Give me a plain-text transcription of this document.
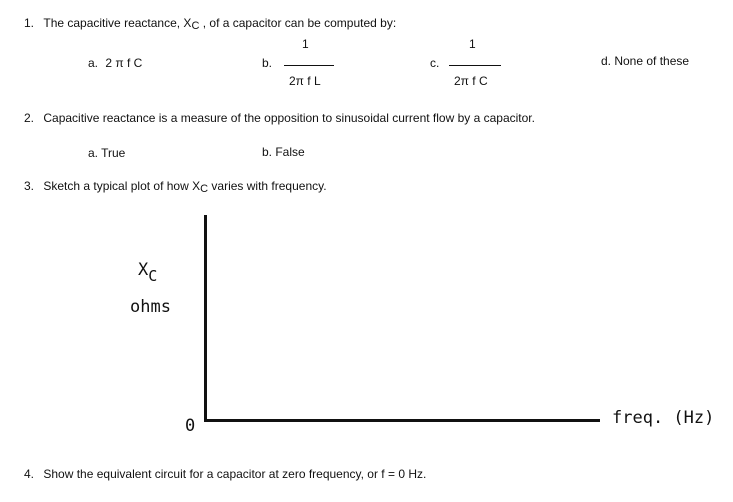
1. The capacitive reactance, XC , of a capacitor can be computed by:
a. 2 π f C	b.
1
2π f L
c.
1
2π f C
d. None of these
2. Capacitive reactance is a measure of the opposition to sinusoidal current flow by a capacitor.
a. True	b. False
3. Sketch a typical plot of how XC varies with frequency.
XC
ohms
0	freq. (Hz)
4. Show the equivalent circuit for a capacitor at zero frequency, or f = 0 Hz.
